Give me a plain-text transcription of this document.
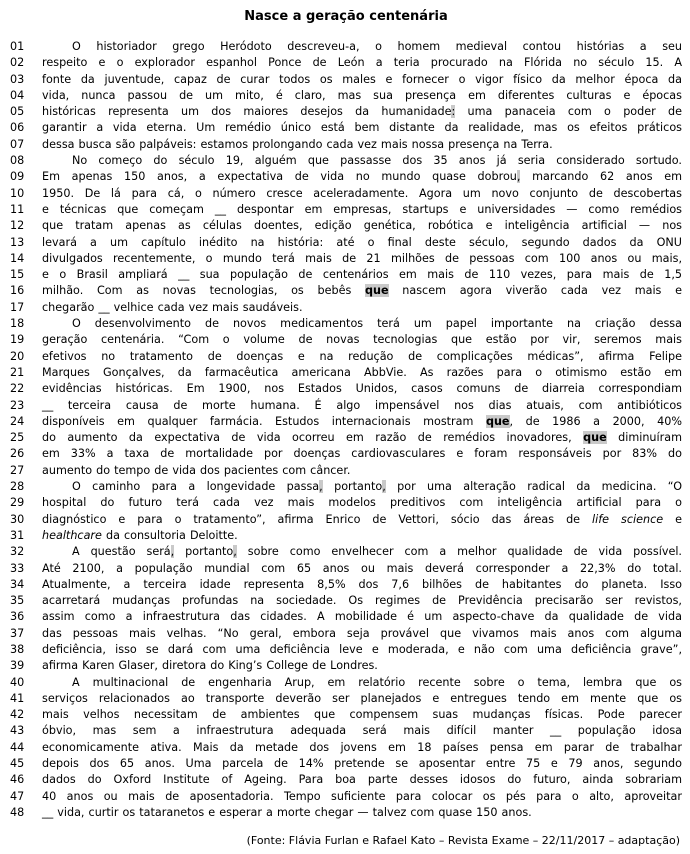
Nasce a geração centenária
01	O historiador grego Heródoto descreveu-a, o homem medieval contou histórias a seu
02	respeito e o explorador espanhol Ponce de León a teria procurado na Flórida no século 15. A
03	fonte da juventude, capaz de curar todos os males e fornecer o vigor físico da melhor época da
04	vida, nunca passou de um mito, é claro, mas sua presença em diferentes culturas e épocas
05	históricas representa um dos maiores desejos da humanidade: uma panaceia com o poder de
06	garantir a vida eterna. Um remédio único está bem distante da realidade, mas os efeitos práticos
07	dessa busca são palpáveis: estamos prolongando cada vez mais nossa presença na Terra.
08	No começo do século 19, alguém que passasse dos 35 anos já seria considerado sortudo.
09	Em apenas 150 anos, a expectativa de vida no mundo quase dobrou, marcando 62 anos em
10	1950. De lá para cá, o número cresce aceleradamente. Agora um novo conjunto de descobertas
11	e técnicas que começam __ despontar em empresas, startups e universidades — como remédios
12	que tratam apenas as células doentes, edição genética, robótica e inteligência artificial — nos
13	levará a um capítulo inédito na história: até o final deste século, segundo dados da ONU
14	divulgados recentemente, o mundo terá mais de 21 milhões de pessoas com 100 anos ou mais,
15	e o Brasil ampliará __ sua população de centenários em mais de 110 vezes, para mais de 1,5
16	milhão. Com as novas tecnologias, os bebês que nascem agora viverão cada vez mais e
17	chegarão __ velhice cada vez mais saudáveis.
18	O desenvolvimento de novos medicamentos terá um papel importante na criação dessa
19	geração centenária. “Com o volume de novas tecnologias que estão por vir, seremos mais
20	efetivos no tratamento de doenças e na redução de complicações médicas”, afirma Felipe
21	Marques Gonçalves, da farmacêutica americana AbbVie. As razões para o otimismo estão em
22	evidências históricas. Em 1900, nos Estados Unidos, casos comuns de diarreia correspondiam
23	__ terceira causa de morte humana. É algo impensável nos dias atuais, com antibióticos
24	disponíveis em qualquer farmácia. Estudos internacionais mostram que, de 1986 a 2000, 40%
25	do aumento da expectativa de vida ocorreu em razão de remédios inovadores, que diminuíram
26	em 33% a taxa de mortalidade por doenças cardiovasculares e foram responsáveis por 83% do
27	aumento do tempo de vida dos pacientes com câncer.
28	O caminho para a longevidade passa, portanto, por uma alteração radical da medicina. “O
29	hospital do futuro terá cada vez mais modelos preditivos com inteligência artificial para o
30	diagnóstico e para o tratamento”, afirma Enrico de Vettori, sócio das áreas de life science e
31	healthcare da consultoria Deloitte.
32	A questão será, portanto, sobre como envelhecer com a melhor qualidade de vida possível.
33	Até 2100, a população mundial com 65 anos ou mais deverá corresponder a 22,3% do total.
34	Atualmente, a terceira idade representa 8,5% dos 7,6 bilhões de habitantes do planeta. Isso
35	acarretará mudanças profundas na sociedade. Os regimes de Previdência precisarão ser revistos,
36	assim como a infraestrutura das cidades. A mobilidade é um aspecto-chave da qualidade de vida
37	das pessoas mais velhas. “No geral, embora seja provável que vivamos mais anos com alguma
38	deficiência, isso se dará com uma deficiência leve e moderada, e não com uma deficiência grave”,
39	afirma Karen Glaser, diretora do King’s College de Londres.
40	A multinacional de engenharia Arup, em relatório recente sobre o tema, lembra que os
41	serviços relacionados ao transporte deverão ser planejados e entregues tendo em mente que os
42	mais velhos necessitam de ambientes que compensem suas mudanças físicas. Pode parecer
43	óbvio, mas sem a infraestrutura adequada será mais difícil manter __ população idosa
44	economicamente ativa. Mais da metade dos jovens em 18 países pensa em parar de trabalhar
45	depois dos 65 anos. Uma parcela de 14% pretende se aposentar entre 75 e 79 anos, segundo
46	dados do Oxford Institute of Ageing. Para boa parte desses idosos do futuro, ainda sobrariam
47	40 anos ou mais de aposentadoria. Tempo suficiente para colocar os pés para o alto, aproveitar
48	__ vida, curtir os tataranetos e esperar a morte chegar — talvez com quase 150 anos.
(Fonte: Flávia Furlan e Rafael Kato – Revista Exame – 22/11/2017 – adaptação)
